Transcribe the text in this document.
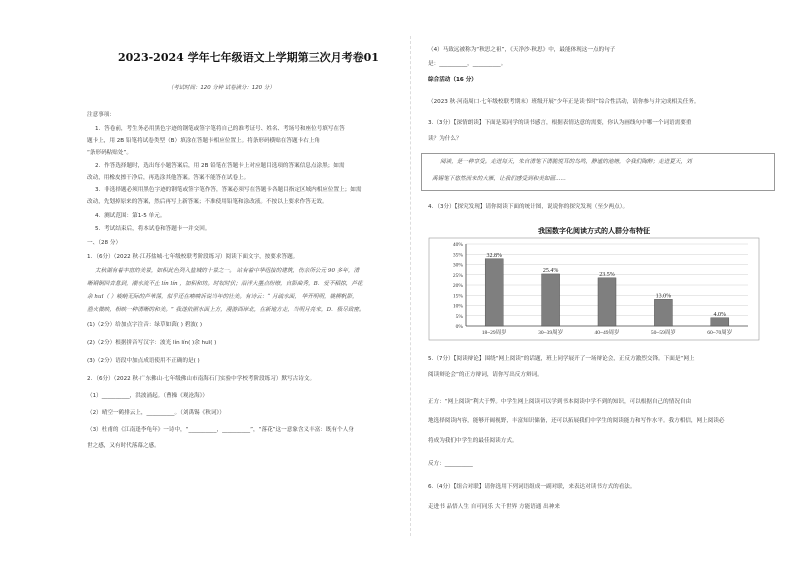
2023-2024 学年七年级语文上学期第三次月考卷01
（考试时间：120 分钟 试卷满分：120 分）
注意事项：
1．答卷前，考生务必用黑色字迹的钢笔或签字笔将自己的准考证号、姓名、考场号和座位号填写在答
题卡上，用 2B 铅笔将试卷类型（B）填涂在答题卡相应位置上。将条形码横贴在答题卡右上角
“条形码粘贴处”。
2．作答选择题时，选出每小题答案后，用 2B 铅笔在答题卡上对应题目选项的答案信息点涂黑；如需
改动，用橡皮擦干净后，再选涂其他答案。答案不能答在试卷上。
3．非选择题必须用黑色字迹的钢笔或签字笔作答，答案必须写在答题卡各题目指定区域内相应位置上；如需
改动，先划掉原来的答案，然后再写上新答案；不准使用铅笔和涂改液。不按以上要求作答无效。
4．测试范围：第1-5 单元。
5．考试结束后，将本试卷和答题卡一并交回。
一、（28 分）
1．（6分）（2022 秋·江苏盐城·七年级校联考阶段练习）阅读下面文字，按要求答题。
太秋湖有着丰富的美景，如积此色列入盐城的十景之一。 站有着中华纽接的建筑，伤亲所公元 90 多年，清
晰钢铜回音息到，潮水流不止 lín lín ，加积和坊。时奴时伏；沿洋大墨点纷缭，自影曲秀，B．爱不稻掠，芦花
余 huī（ ）峻峭无际的芦苇荡，似乎还在喃喃诉说当年的壮美。有诗云：“ 月疏水面， 华开明明，姚柳帆影，
渔火微映，相映一种清晰的和美。” 我遂依照水面上方，漫游西岸北，在新地方走，当明月亮来，D．极尽致密。
(1)（2分）给加点字注音：绿草如茵( ) 碧波( )
(2)（2分）根据拼音写汉字：波光 lín lín( )余 huī( )
(3)（2分）语段中加点成语使用不正确的是( )
2．（6分）（2022 秋·广东佛山·七年级佛山市南海石门实验中学校考阶段练习）默写古诗文。
（1）__________，洪波涌起。（曹操《观沧海》）
（2）晴空一鹤排云上，__________。（刘禹锡《秋词》）
（3）杜甫的《江南逢李龟年》一诗中，“__________，__________”，“落花”这一意象含义丰富：既有个人身
世之感，又有时代落幕之感。
（4）马致远被称为“秋思之祖”，《天净沙·秋思》中，最能体现这一点的句子
是：__________，__________。
综合活动（16 分）
（2023 秋·河南周口·七年级校联考期末）班级开展“少年正是读书时”综合性活动，请你参与并完成相关任务。
3.（3分）【深情朗读】下面是某同学的读书感言，根据表情达意的需要，你认为画线句中哪一个词语需要重
读？为什么？
阅读，是一种享受。走进每天，朱自清笔下清脆悦耳的鸟鸣，静谧的池塘，令我们陶醉；走进夏天，刘
禹锡笔下悠然而来的大雁，让我们感受到和美如画......
4．（3分）【探究发现】请你阅读下面的统计图，说说你的探究发现（至少两点）。
5.（7分）【阅读辩论】围绕“网上阅读”的话题，班上同学展开了一场辩论会，正反方激烈交锋。下面是“网上
阅读辩论会”的正方辩词，请你写出反方辩词。
正方：“网上阅读”利大于弊。中学生网上阅读可以学到书本阅读中学不到的知识，可以根据自己的情况自由
地选择阅读内容，能够开阔视野，丰富知识储备，还可以拓展我们中学生的阅读能力和写作水平。我方相信，网上阅读必
将成为我们中学生的最佳阅读方式。
反方：__________
6.（4分）【组合对联】请你选用下列词语组成一副对联，来表达对读书方式的看法。
走进书 品悟人生 自可同乐 大千世界 方能语通 出神来
我国数字化阅读方式的人群分布特征
0%
5%
10%
15%
20%
25%
30%
35%
40%
32.8%
25.4%
23.5%
13.0%
4.0%
18~29周岁	30~39周岁	40~49周岁	50~59周岁	60~70周岁
